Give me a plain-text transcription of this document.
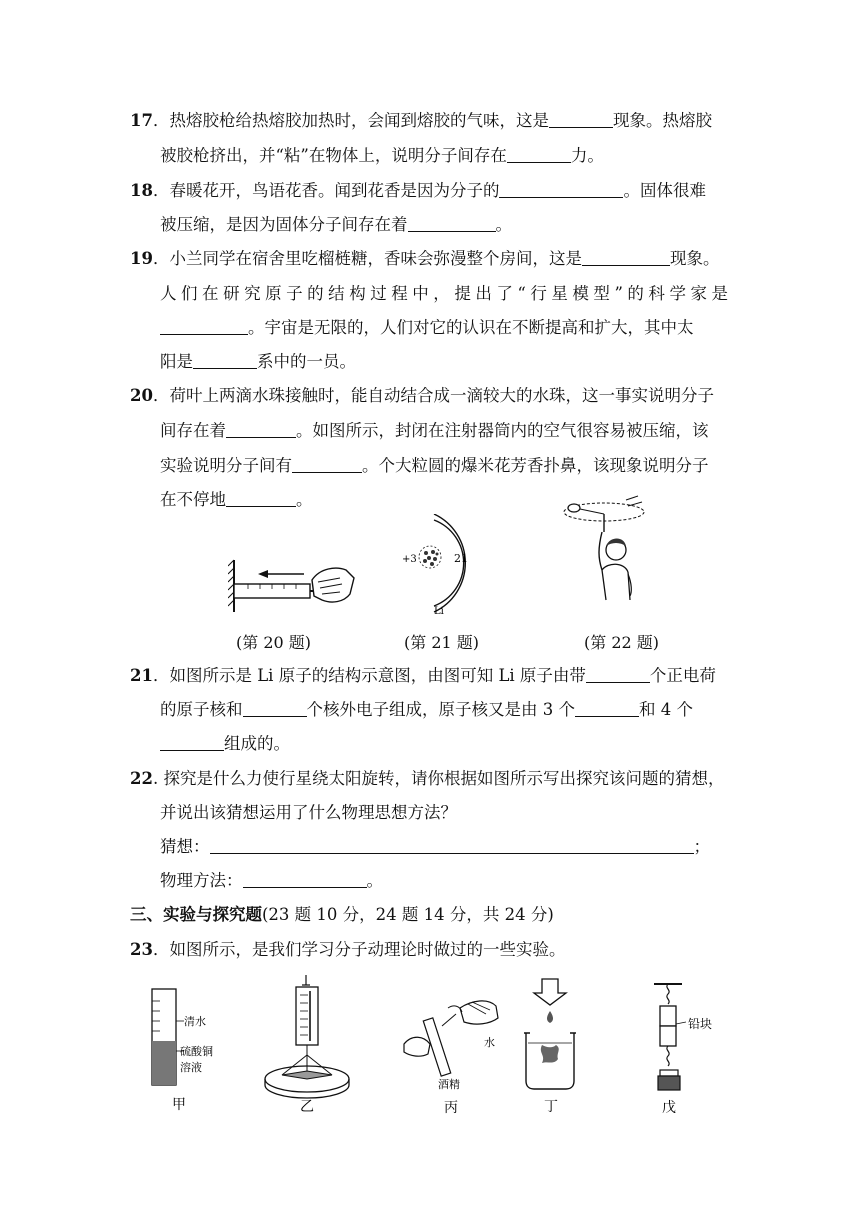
17．热熔胶枪给热熔胶加热时，会闻到熔胶的气味，这是	现象。热熔胶
被胶枪挤出，并“粘”在物体上，说明分子间存在	力。
18．春暖花开，鸟语花香。闻到花香是因为分子的	。固体很难
被压缩，是因为固体分子间存在着	。
19．小兰同学在宿舍里吃榴梿糖，香味会弥漫整个房间，这是	现象。
人们在研究原子的结构过程中，提出了“行星模型”的科学家是
。宇宙是无限的，人们对它的认识在不断提高和扩大，其中太
阳是	系中的一员。
20．荷叶上两滴水珠接触时，能自动结合成一滴较大的水珠，这一事实说明分子
间存在着	。如图所示，封闭在注射器筒内的空气很容易被压缩，该
实验说明分子间有	。个大粒圆的爆米花芳香扑鼻，该现象说明分子
在不停地	。
+3	21
Li
(第 20 题)	(第 21 题)	(第 22 题)
21．如图所示是 Li 原子的结构示意图，由图可知 Li 原子由带	个正电荷
的原子核和	个核外电子组成，原子核又是由 3 个	和 4 个
组成的。
22. 探究是什么力使行星绕太阳旋转，请你根据如图所示写出探究该问题的猜想，
并说出该猜想运用了什么物理思想方法？
猜想：	；
物理方法：	。
三、实验与探究题(23 题 10 分，24 题 14 分，共 24 分)
23．如图所示，是我们学习分子动理论时做过的一些实验。
清水
硫酸铜
溶液
甲	乙
水
酒精
丙	丁
铅块
戊
